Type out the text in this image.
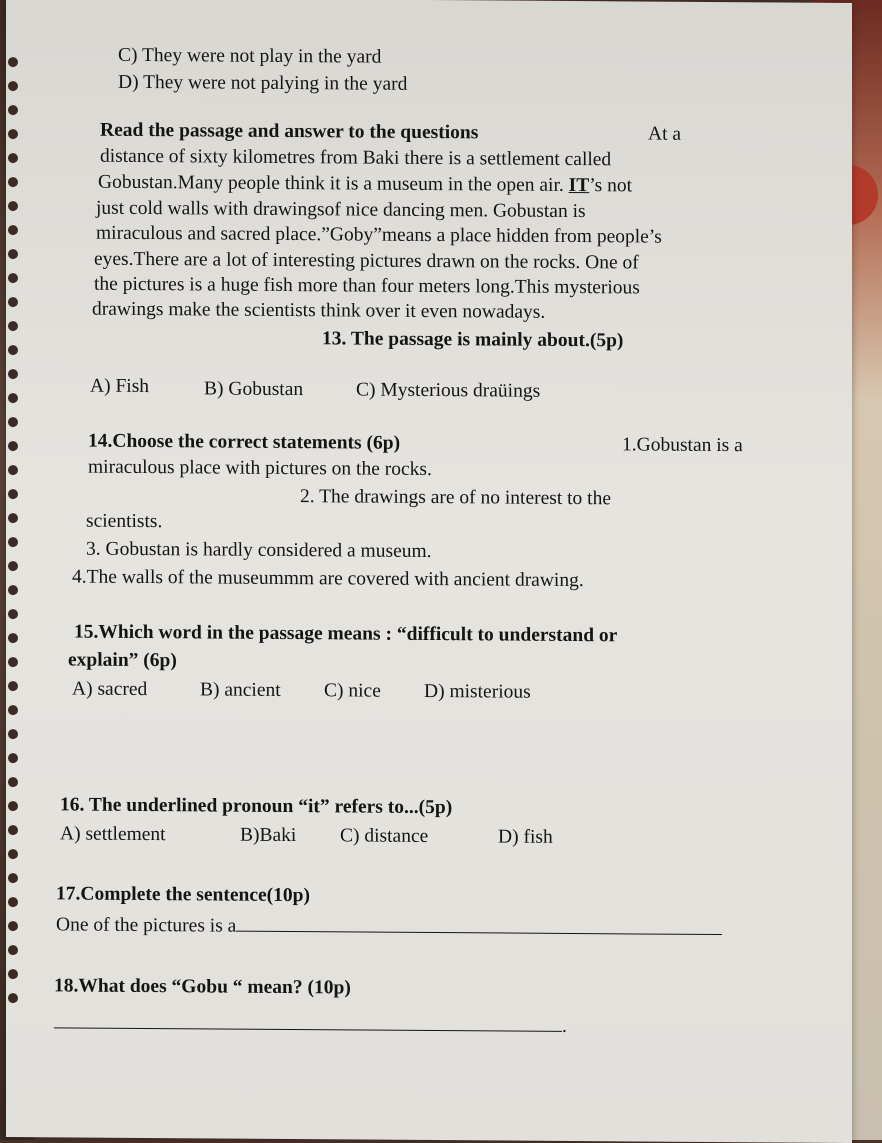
C) They were not play in the yard
D) They were not palying in the yard
Read the passage and answer to the questions	At a
distance of sixty kilometres from Baki there is a settlement called
Gobustan.Many people think it is a museum in the open air. IT’s not
just cold walls with drawingsof nice dancing men. Gobustan is
miraculous and sacred place.”Goby”means a place hidden from people’s
eyes.There are a lot of interesting pictures drawn on the rocks. One of
the pictures is a huge fish more than four meters long.This mysterious
drawings make the scientists think over it even nowadays.
13. The passage is mainly about.(5p)
A) Fish	B) Gobustan	C) Mysterious draüings
14.Choose the correct statements (6p)	1.Gobustan is a
miraculous place with pictures on the rocks.
2. The drawings are of no interest to the
scientists.
3. Gobustan is hardly considered a museum.
4.The walls of the museummm are covered with ancient drawing.
15.Which word in the passage means : “difficult to understand or
explain” (6p)
A) sacred	B) ancient C) nice D) misterious
16. The underlined pronoun “it” refers to...(5p)
A) settlement	B)Baki C) distance	D) fish
17.Complete the sentence(10p)
One of the pictures is a
18.What does “Gobu “ mean? (10p)
.
